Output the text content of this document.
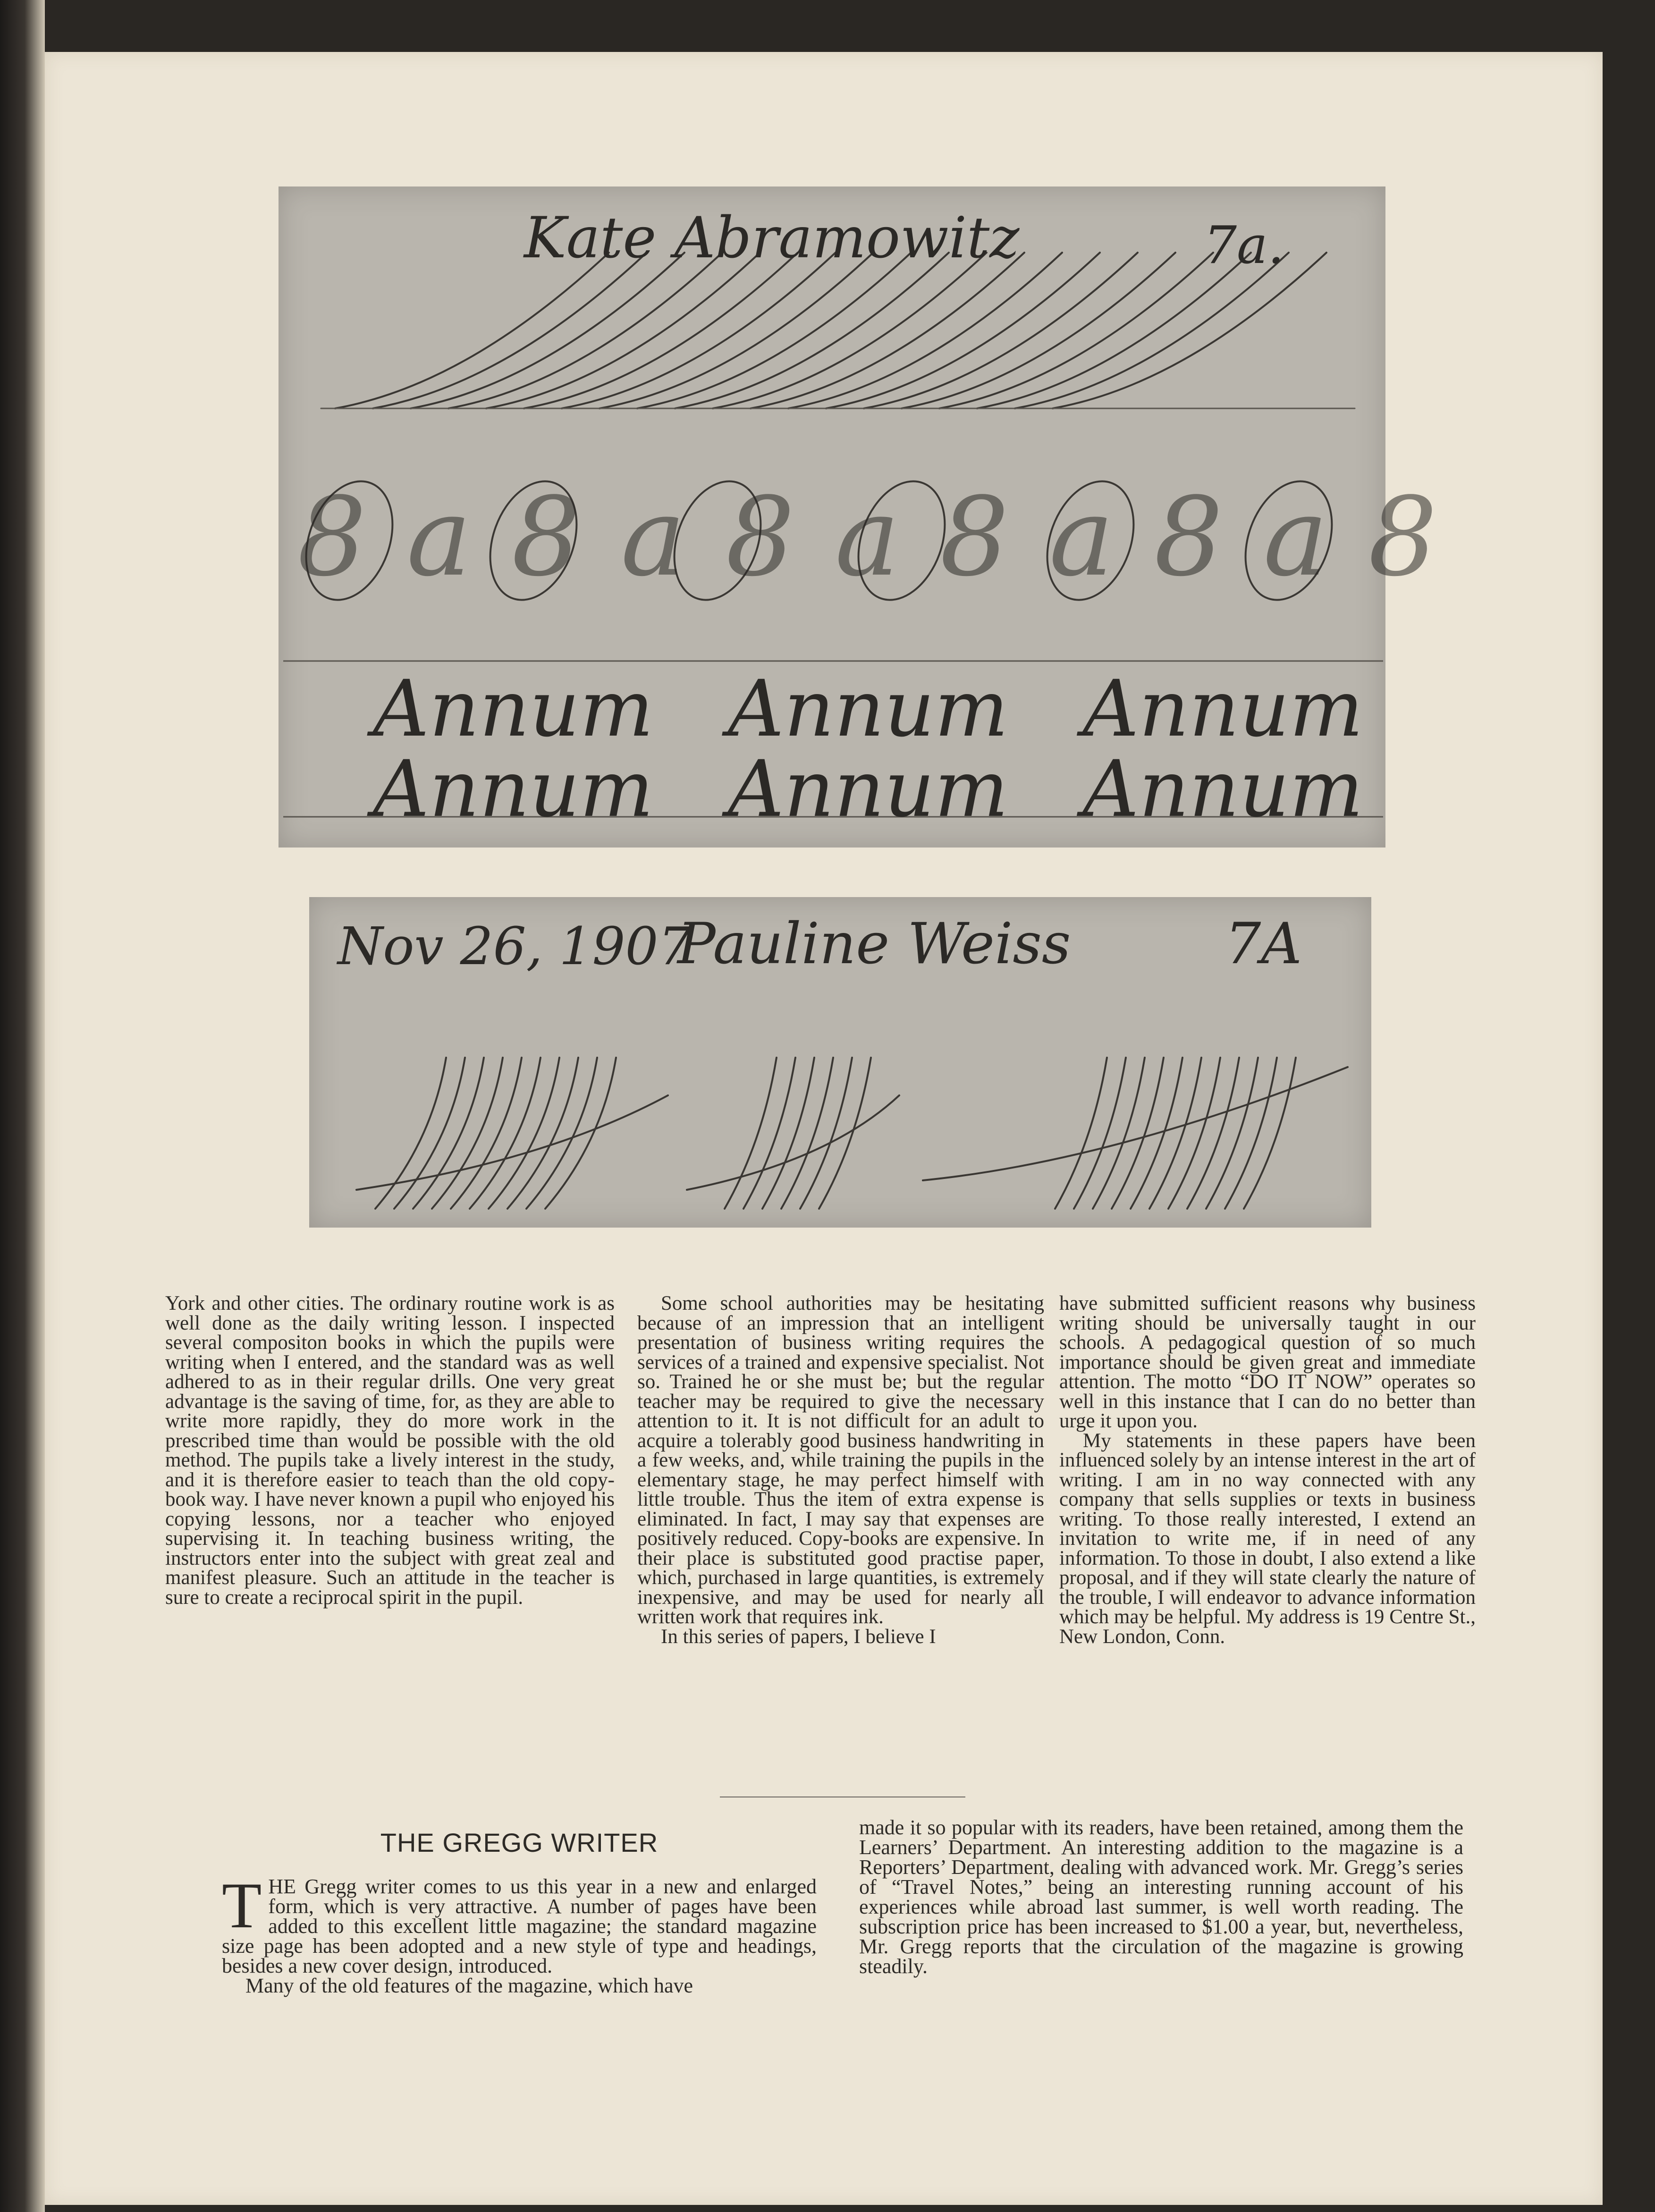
Kate Abramowitz	7a.
8 a 8 a 8 a 8 a 8 a 8
Annum   Annum   Annum
Annum   Annum   Annum
Nov 26, 1907
Pauline Weiss	7A

York and other cities. The ordinary routine work is as well done as the daily writing lesson. I inspected several compositon books in which the pupils were writing when I entered, and the standard was as well adhered to as in their regular drills. One very great advantage is the saving of time, for, as they are able to write more rapidly, they do more work in the prescribed time than would be possible with the old method. The pupils take a lively interest in the study, and it is therefore easier to teach than the old copy-book way. I have never known a pupil who enjoyed his copying lessons, nor a teacher who enjoyed supervising it. In teaching business writing, the instructors enter into the subject with great zeal and manifest pleasure. Such an attitude in the teacher is sure to create a reciprocal spirit in the pupil.

Some school authorities may be hesitating because of an impression that an intelligent presentation of business writing requires the services of a trained and expensive specialist. Not so. Trained he or she must be; but the regular teacher may be required to give the necessary attention to it. It is not difficult for an adult to acquire a tolerably good business handwriting in a few weeks, and, while training the pupils in the elementary stage, he may perfect himself with little trouble. Thus the item of extra expense is eliminated. In fact, I may say that expenses are positively reduced. Copy-books are expensive. In their place is substituted good practise paper, which, purchased in large quantities, is extremely inexpensive, and may be used for nearly all written work that requires ink.

In this series of papers, I believe I

have submitted sufficient reasons why business writing should be universally taught in our schools. A pedagogical question of so much importance should be given great and immediate attention. The motto “DO IT NOW” operates so well in this instance that I can do no better than urge it upon you.

My statements in these papers have been influenced solely by an intense interest in the art of writing. I am in no way connected with any company that sells supplies or texts in business writing. To those really interested, I extend an invitation to write me, if in need of any information. To those in doubt, I also extend a like proposal, and if they will state clearly the nature of the trouble, I will endeavor to advance information which may be helpful. My address is 19 Centre St., New London, Conn.

THE GREGG WRITER

THE Gregg writer comes to us this year in a new and enlarged form, which is very attractive. A number of pages have been added to this excellent little magazine; the standard magazine size page has been adopted and a new style of type and headings, besides a new cover design, introduced.

Many of the old features of the magazine, which have

made it so popular with its readers, have been retained, among them the Learners’ Department. An interesting addition to the magazine is a Reporters’ Department, dealing with advanced work. Mr. Gregg’s series of “Travel Notes,” being an interesting running account of his experiences while abroad last summer, is well worth reading. The subscription price has been increased to $1.00 a year, but, nevertheless, Mr. Gregg reports that the circulation of the magazine is growing steadily.
